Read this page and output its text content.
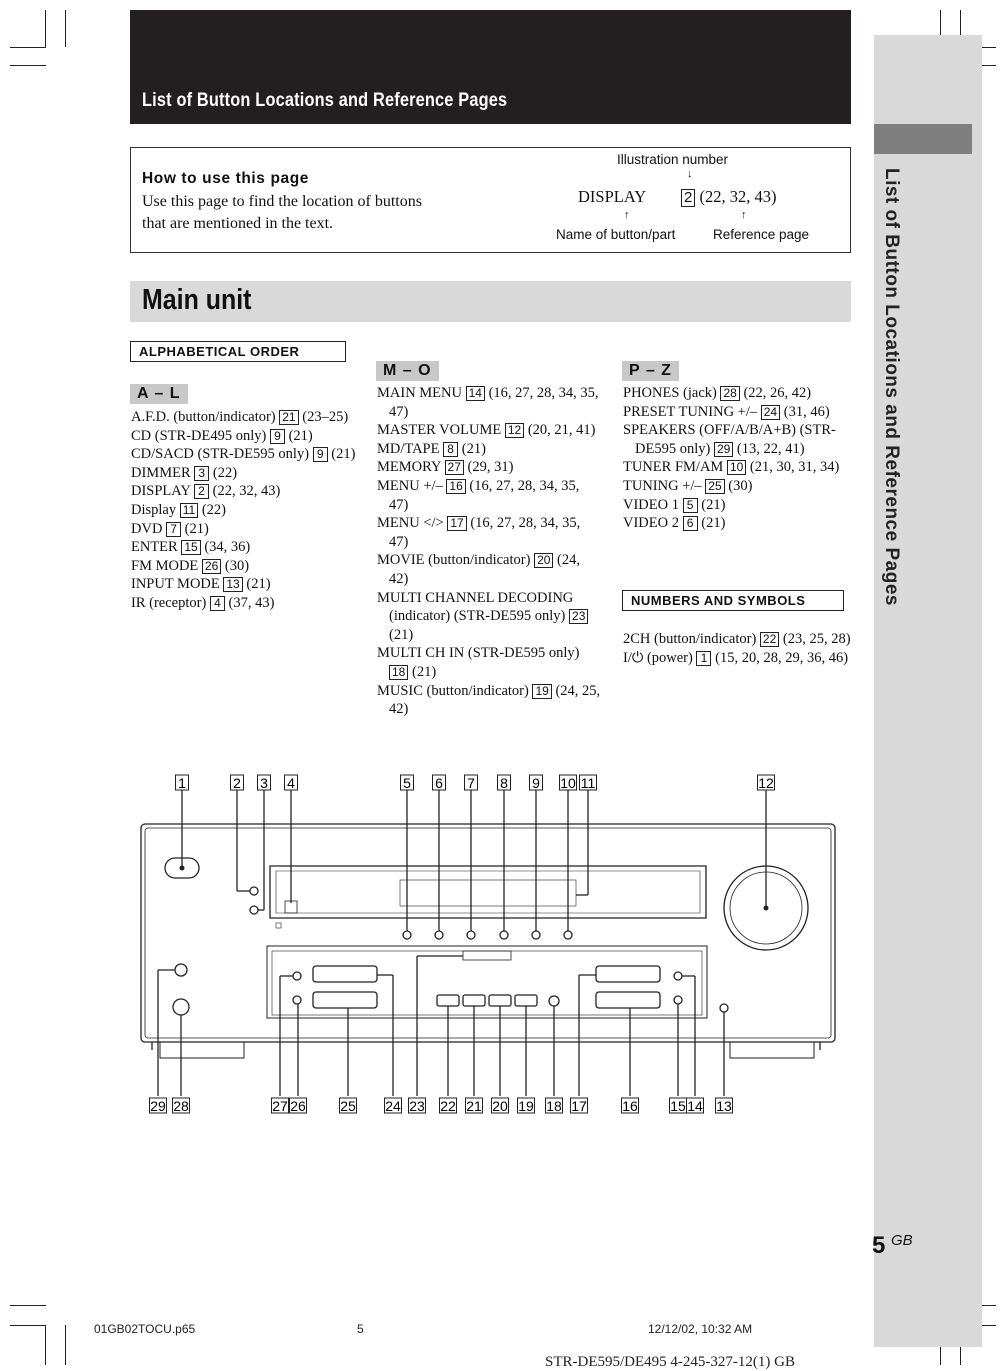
List of Button Locations and Reference Pages
List of Button Locations and Reference Pages
5 GB
How to use this page
Use this page to find the location of buttons
that are mentioned in the text.
Illustration number
↓
DISPLAY	2 (22, 32, 43)
↑	↑
Name of button/part	Reference page
Main unit
ALPHABETICAL ORDER
A – L
M – O	P – Z

A.F.D. (button/indicator) 21 (23–25)

CD (STR-DE495 only) 9 (21)

CD/SACD (STR-DE595 only) 9 (21)

DIMMER 3 (22)

DISPLAY 2 (22, 32, 43)

Display 11 (22)

DVD 7 (21)

ENTER 15 (34, 36)

FM MODE 26 (30)

INPUT MODE 13 (21)

IR (receptor) 4 (37, 43)

MAIN MENU 14 (16, 27, 28, 34, 35, 47)

MASTER VOLUME 12 (20, 21, 41)

MD/TAPE 8 (21)

MEMORY 27 (29, 31)

MENU +/– 16 (16, 27, 28, 34, 35, 47)

MENU </> 17 (16, 27, 28, 34, 35, 47)

MOVIE (button/indicator) 20 (24, 42)

MULTI CHANNEL DECODING (indicator) (STR-DE595 only) 23 (21)

MULTI CH IN (STR-DE595 only) 18 (21)

MUSIC (button/indicator) 19 (24, 25, 42)

PHONES (jack) 28 (22, 26, 42)

PRESET TUNING +/– 24 (31, 46)

SPEAKERS (OFF/A/B/A+B) (STR-DE595 only) 29 (13, 22, 41)

TUNER FM/AM 10 (21, 30, 31, 34)

TUNING +/– 25 (30)

VIDEO 1 5 (21)

VIDEO 2 6 (21)

NUMBERS AND SYMBOLS

2CH (button/indicator) 22 (23, 25, 28)

I/⏻ (power) 1 (15, 20, 28, 29, 36, 46)

1	2 3 4	5 6 7 8 9 10 11	12
29 28	27 26 25 24 23 22 21 20 19 18 17	16 15 14 13
01GB02TOCU.p65	5	12/12/02, 10:32 AM
STR-DE595/DE495 4-245-327-12(1) GB
